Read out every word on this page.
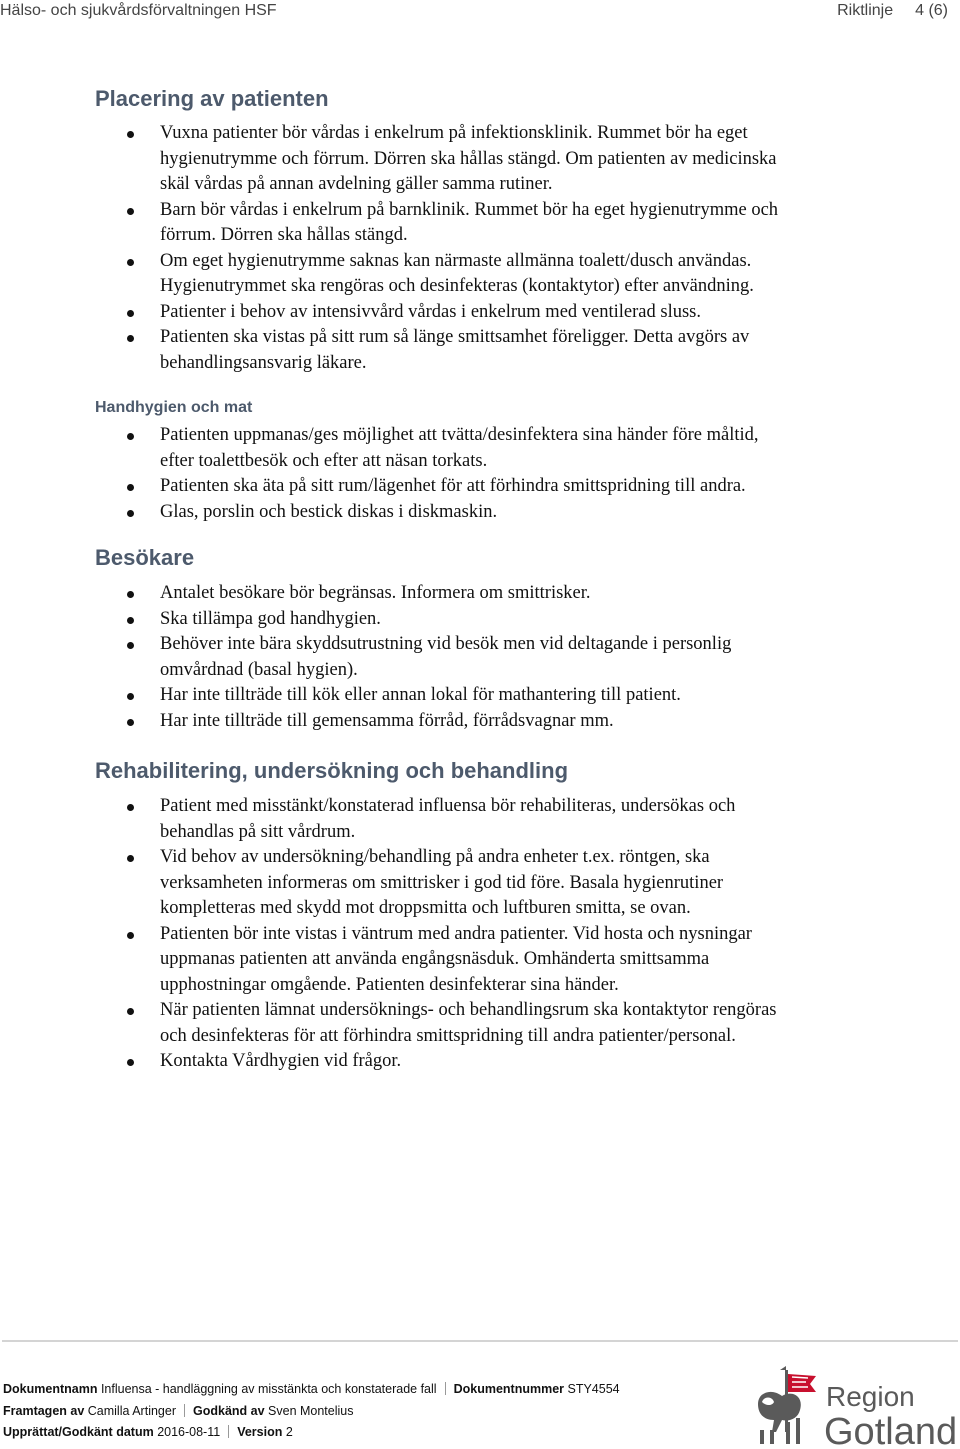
Hälso- och sjukvårdsförvaltningen HSF	Riktlinje 4 (6)
Placering av patienten
Vuxna patienter bör vårdas i enkelrum på infektionsklinik. Rummet bör ha eget
hygienutrymme och förrum. Dörren ska hållas stängd. Om patienten av medicinska
skäl vårdas på annan avdelning gäller samma rutiner.
Barn bör vårdas i enkelrum på barnklinik. Rummet bör ha eget hygienutrymme och
förrum. Dörren ska hållas stängd.
Om eget hygienutrymme saknas kan närmaste allmänna toalett/dusch användas.
Hygienutrymmet ska rengöras och desinfekteras (kontaktytor) efter användning.
Patienter i behov av intensivvård vårdas i enkelrum med ventilerad sluss.
Patienten ska vistas på sitt rum så länge smittsamhet föreligger. Detta avgörs av
behandlingsansvarig läkare.
Handhygien och mat
Patienten uppmanas/ges möjlighet att tvätta/desinfektera sina händer före måltid,
efter toalettbesök och efter att näsan torkats.
Patienten ska äta på sitt rum/lägenhet för att förhindra smittspridning till andra.
Glas, porslin och bestick diskas i diskmaskin.
Besökare
Antalet besökare bör begränsas. Informera om smittrisker.
Ska tillämpa god handhygien.
Behöver inte bära skyddsutrustning vid besök men vid deltagande i personlig
omvårdnad (basal hygien).
Har inte tillträde till kök eller annan lokal för mathantering till patient.
Har inte tillträde till gemensamma förråd, förrådsvagnar mm.
Rehabilitering, undersökning och behandling
Patient med misstänkt/konstaterad influensa bör rehabiliteras, undersökas och
behandlas på sitt vårdrum.
Vid behov av undersökning/behandling på andra enheter t.ex. röntgen, ska
verksamheten informeras om smittrisker i god tid före. Basala hygienrutiner
kompletteras med skydd mot droppsmitta och luftburen smitta, se ovan.
Patienten bör inte vistas i väntrum med andra patienter. Vid hosta och nysningar
uppmanas patienten att använda engångsnäsduk. Omhänderta smittsamma
upphostningar omgående. Patienten desinfekterar sina händer.
När patienten lämnat undersöknings- och behandlingsrum ska kontaktytor rengöras
och desinfekteras för att förhindra smittspridning till andra patienter/personal.
Kontakta Vårdhygien vid frågor.
Dokumentnamn Influensa - handläggning av misstänkta och konstaterade fall Dokumentnummer STY4554
Framtagen av Camilla Artinger Godkänd av Sven Montelius
Upprättat/Godkänt datum 2016-08-11 Version 2
Region
Gotland
